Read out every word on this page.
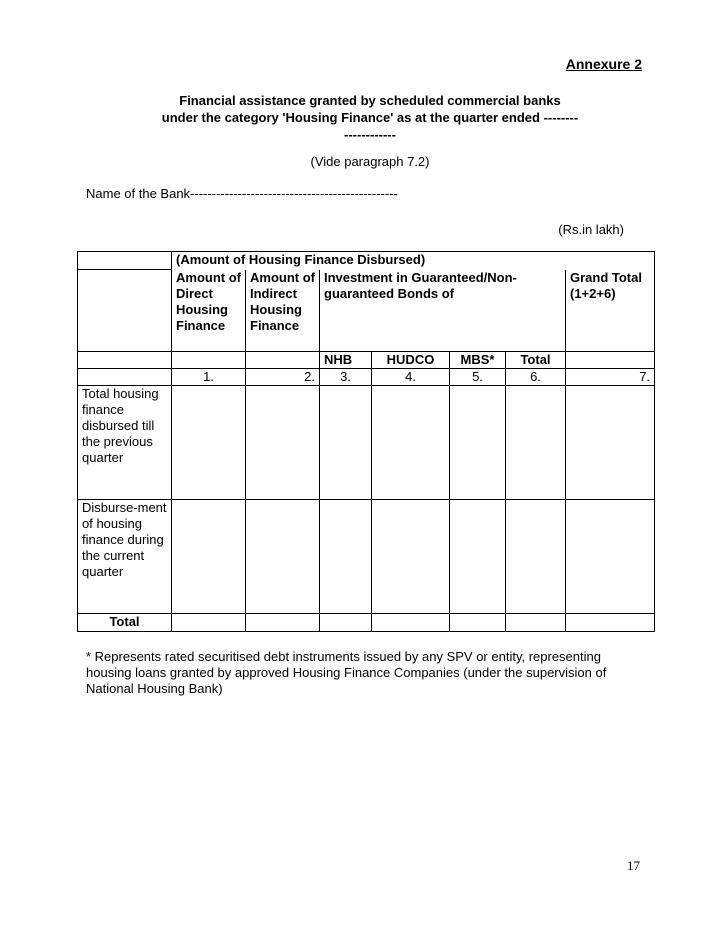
Annexure 2
Financial assistance granted by scheduled commercial banks under the category 'Housing Finance' as at the quarter ended --------------------
(Vide paragraph 7.2)
Name of the Bank------------------------------------------------
(Rs.in lakh)
	(Amount of Housing Finance Disbursed)						
	Amount of Direct Housing Finance	Amount of Indirect Housing Finance	Investment in Guaranteed/Non-guaranteed Bonds of				Grand Total (1+2+6)
			NHB	HUDCO	MBS*	Total	
	1.	2.	3.	4.	5.	6.	7.
Total housing finance disbursed till the previous quarter							
Disburse-ment of housing finance during the current quarter							
Total							
* Represents rated securitised debt instruments issued by any SPV or entity, representing housing loans granted by approved Housing Finance Companies (under the supervision of National Housing Bank)
17
